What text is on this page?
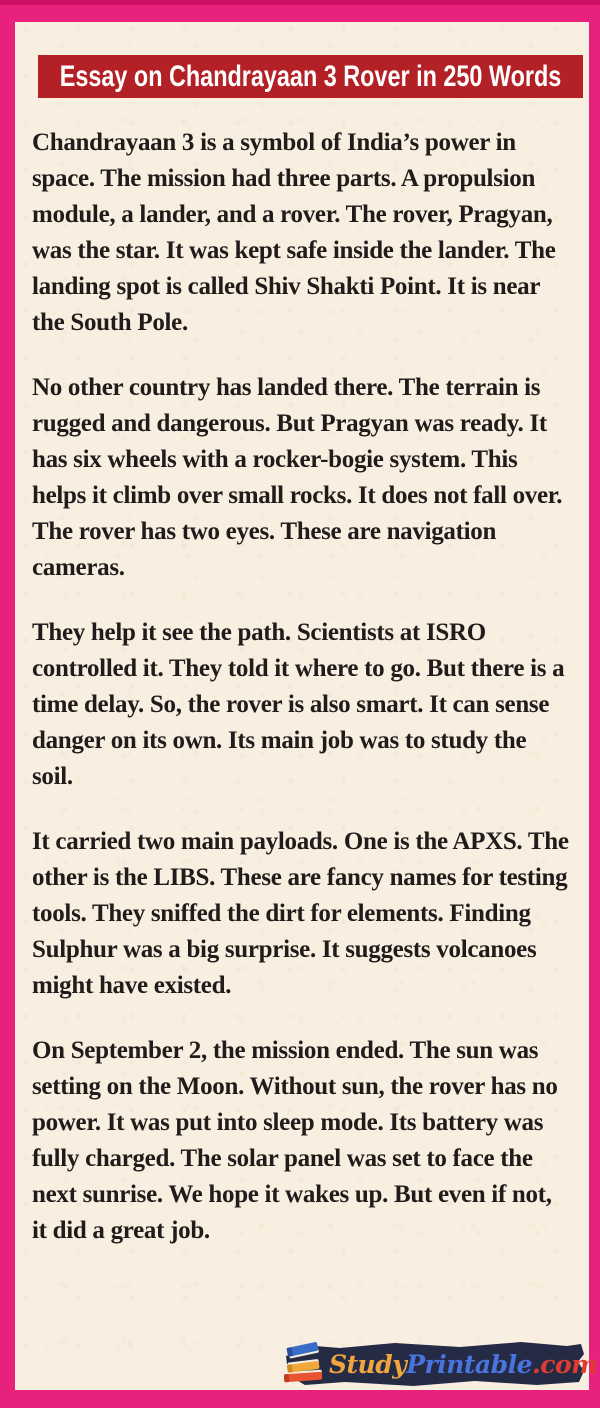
Essay on Chandrayaan 3 Rover in 250 Words

Chandrayaan 3 is a symbol of India’s power in space. The mission had three parts. A propulsion module, a lander, and a rover. The rover, Pragyan, was the star. It was kept safe inside the lander. The landing spot is called Shiv Shakti Point. It is near the South Pole.

No other country has landed there. The terrain is rugged and dangerous. But Pragyan was ready. It has six wheels with a rocker-bogie system. This helps it climb over small rocks. It does not fall over. The rover has two eyes. These are navigation cameras.

They help it see the path. Scientists at ISRO controlled it. They told it where to go. But there is a time delay. So, the rover is also smart. It can sense danger on its own. Its main job was to study the soil.

It carried two main payloads. One is the APXS. The other is the LIBS. These are fancy names for testing tools. They sniffed the dirt for elements. Finding Sulphur was a big surprise. It suggests volcanoes might have existed.

On September 2, the mission ended. The sun was setting on the Moon. Without sun, the rover has no power. It was put into sleep mode. Its battery was fully charged. The solar panel was set to face the next sunrise. We hope it wakes up. But even if not, it did a great job.

StudyPrintable.com
